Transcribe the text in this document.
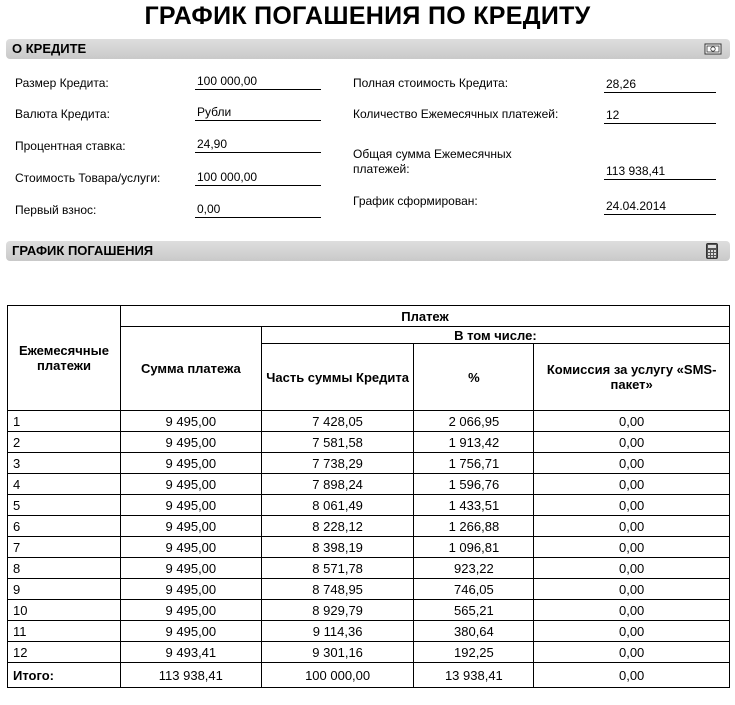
ГРАФИК ПОГАШЕНИЯ ПО КРЕДИТУ
О КРЕДИТЕ
Размер Кредита:	100 000,00
Валюта Кредита:	Рубли
Процентная ставка:	24,90
Стоимость Товара/услуги:	100 000,00
Первый взнос:	0,00
Полная стоимость Кредита:	28,26
Количество Ежемесячных платежей:	12
Общая сумма Ежемесячных платежей:	113 938,41
График сформирован:	24.04.2014
ГРАФИК ПОГАШЕНИЯ
Ежемесячные платежи	Платеж			
	Сумма платежа	В том числе:		
		Часть суммы Кредита	%	Комиссия за услугу «SMS-пакет»
1	9 495,00	7 428,05	2 066,95	0,00
2	9 495,00	7 581,58	1 913,42	0,00
3	9 495,00	7 738,29	1 756,71	0,00
4	9 495,00	7 898,24	1 596,76	0,00
5	9 495,00	8 061,49	1 433,51	0,00
6	9 495,00	8 228,12	1 266,88	0,00
7	9 495,00	8 398,19	1 096,81	0,00
8	9 495,00	8 571,78	923,22	0,00
9	9 495,00	8 748,95	746,05	0,00
10	9 495,00	8 929,79	565,21	0,00
11	9 495,00	9 114,36	380,64	0,00
12	9 493,41	9 301,16	192,25	0,00
Итого:	113 938,41	100 000,00	13 938,41	0,00
